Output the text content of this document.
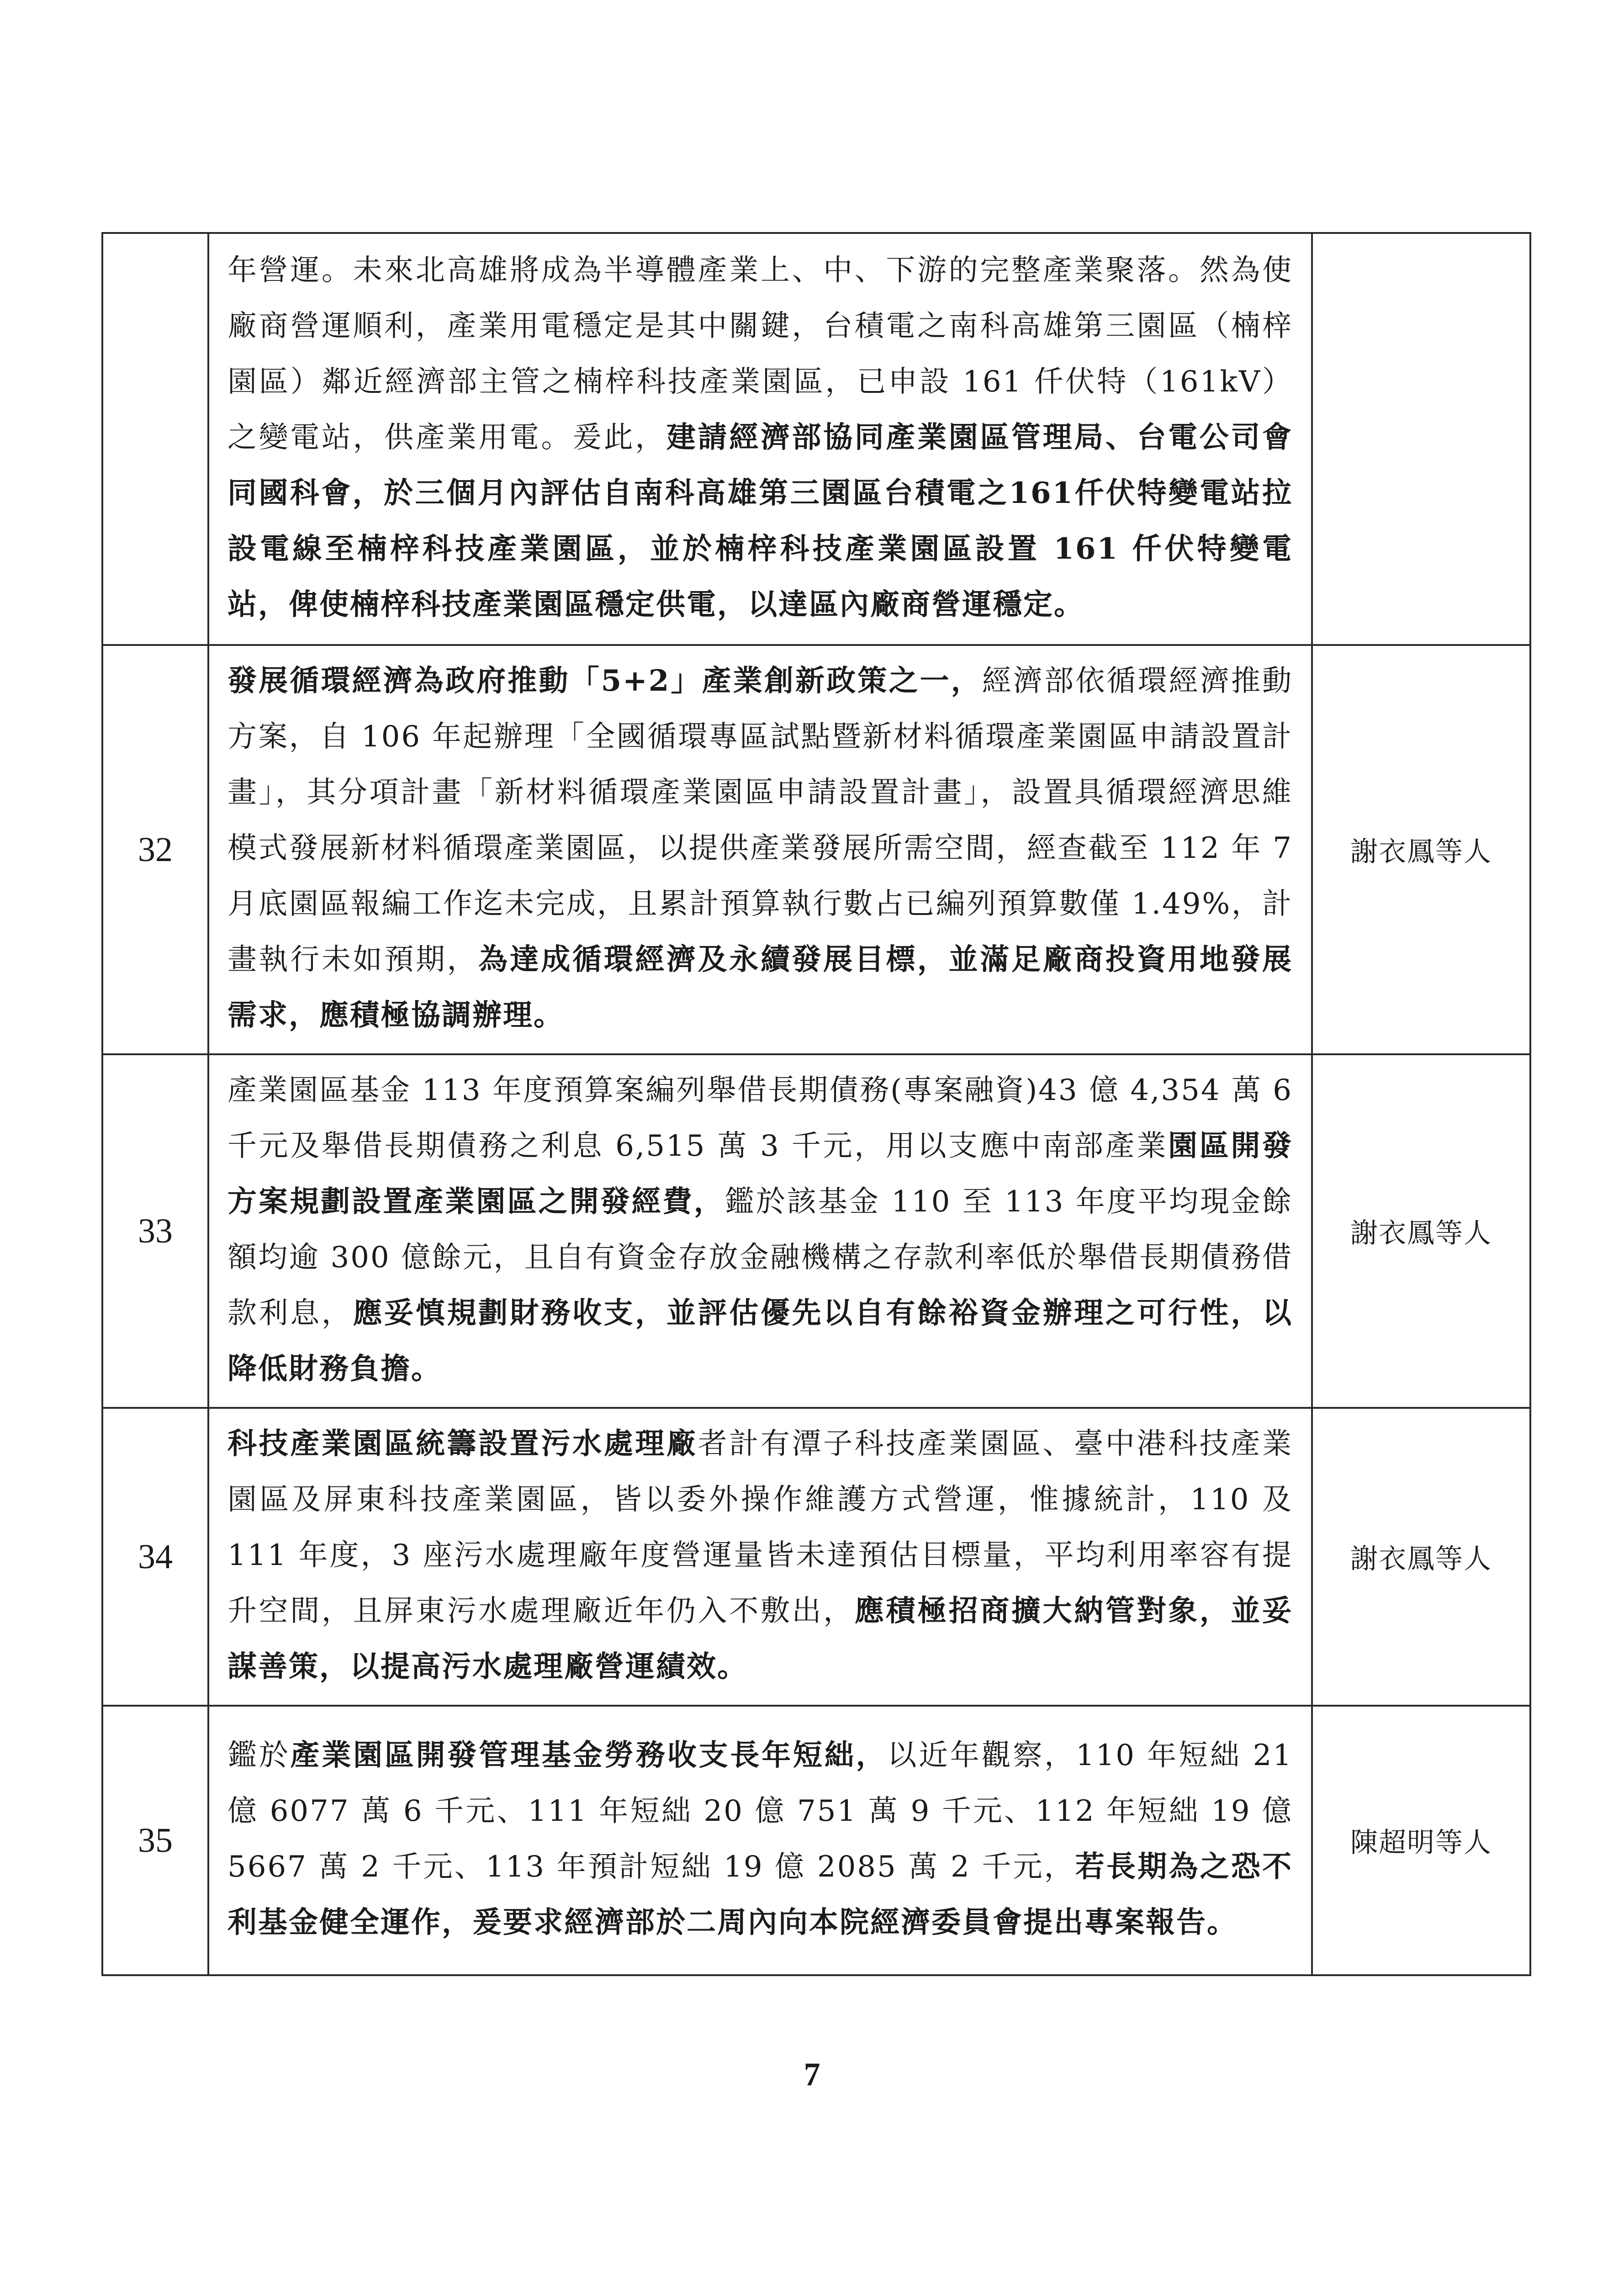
	年營運。未來北高雄將成為半導體產業上、中、下游的完整產業聚落。然為使廠商營運順利，產業用電穩定是其中關鍵，台積電之南科高雄第三園區（楠梓園區）鄰近經濟部主管之楠梓科技產業園區，已申設 161 仟伏特（161kV）之變電站，供產業用電。爰此，建請經濟部協同產業園區管理局、台電公司會同國科會，於三個月內評估自南科高雄第三園區台積電之161仟伏特變電站拉設電線至楠梓科技產業園區，並於楠梓科技產業園區設置 161 仟伏特變電站，俾使楠梓科技產業園區穩定供電，以達區內廠商營運穩定。	
32	發展循環經濟為政府推動「5+2」產業創新政策之一，經濟部依循環經濟推動方案，自 106 年起辦理「全國循環專區試點暨新材料循環產業園區申請設置計畫」，其分項計畫「新材料循環產業園區申請設置計畫」，設置具循環經濟思維模式發展新材料循環產業園區，以提供產業發展所需空間，經查截至 112 年 7 月底園區報編工作迄未完成，且累計預算執行數占已編列預算數僅 1.49%，計畫執行未如預期，為達成循環經濟及永續發展目標，並滿足廠商投資用地發展需求，應積極協調辦理。	謝衣鳳等人
33	產業園區基金 113 年度預算案編列舉借長期債務(專案融資)43 億 4,354 萬 6 千元及舉借長期債務之利息 6,515 萬 3 千元，用以支應中南部產業園區開發方案規劃設置產業園區之開發經費，鑑於該基金 110 至 113 年度平均現金餘額均逾 300 億餘元，且自有資金存放金融機構之存款利率低於舉借長期債務借款利息，應妥慎規劃財務收支，並評估優先以自有餘裕資金辦理之可行性，以降低財務負擔。	謝衣鳳等人
34	科技產業園區統籌設置污水處理廠者計有潭子科技產業園區、臺中港科技產業園區及屏東科技產業園區，皆以委外操作維護方式營運，惟據統計，110 及 111 年度，3 座污水處理廠年度營運量皆未達預估目標量，平均利用率容有提升空間，且屏東污水處理廠近年仍入不敷出，應積極招商擴大納管對象，並妥謀善策，以提高污水處理廠營運績效。	謝衣鳳等人
35	鑑於產業園區開發管理基金勞務收支長年短絀，以近年觀察，110 年短絀 21 億 6077 萬 6 千元、111 年短絀 20 億 751 萬 9 千元、112 年短絀 19 億 5667 萬 2 千元、113 年預計短絀 19 億 2085 萬 2 千元，若長期為之恐不利基金健全運作，爰要求經濟部於二周內向本院經濟委員會提出專案報告。	陳超明等人
7
